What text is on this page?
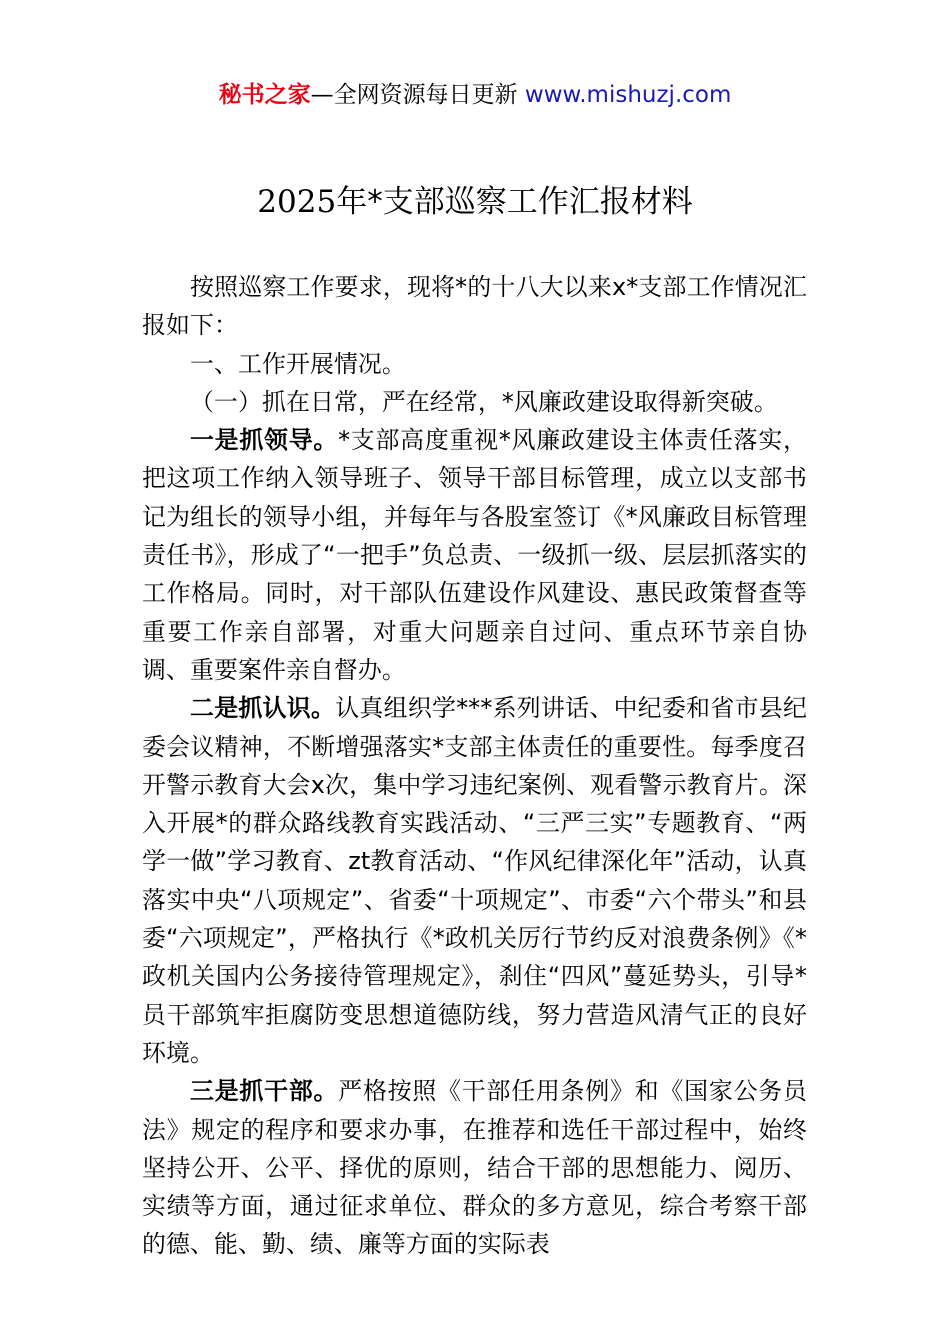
秘书之家—全网资源每日更新 www.mishuzj.com
2025年*支部巡察工作汇报材料

按照巡察工作要求，现将*的十八大以来x*支部工作情况汇报如下：

一、工作开展情况。

（一）抓在日常，严在经常，*风廉政建设取得新突破。

一是抓领导。*支部高度重视*风廉政建设主体责任落实，把这项工作纳入领导班子、领导干部目标管理，成立以支部书记为组长的领导小组，并每年与各股室签订《*风廉政目标管理责任书》，形成了“一把手”负总责、一级抓一级、层层抓落实的工作格局。同时，对干部队伍建设作风建设、惠民政策督查等重要工作亲自部署，对重大问题亲自过问、重点环节亲自协调、重要案件亲自督办。

二是抓认识。认真组织学***系列讲话、中纪委和省市县纪委会议精神，不断增强落实*支部主体责任的重要性。每季度召开警示教育大会x次，集中学习违纪案例、观看警示教育片。深入开展*的群众路线教育实践活动、“三严三实”专题教育、“两学一做”学习教育、zt教育活动、“作风纪律深化年”活动，认真落实中央“八项规定”、省委“十项规定”、市委“六个带头”和县委“六项规定”，严格执行《*政机关厉行节约反对浪费条例》《*政机关国内公务接待管理规定》，刹住“四风”蔓延势头，引导*员干部筑牢拒腐防变思想道德防线，努力营造风清气正的良好环境。

三是抓干部。严格按照《干部任用条例》和《国家公务员法》规定的程序和要求办事，在推荐和选任干部过程中，始终坚持公开、公平、择优的原则，结合干部的思想能力、阅历、实绩等方面，通过征求单位、群众的多方意见，综合考察干部的德、能、勤、绩、廉等方面的实际表
